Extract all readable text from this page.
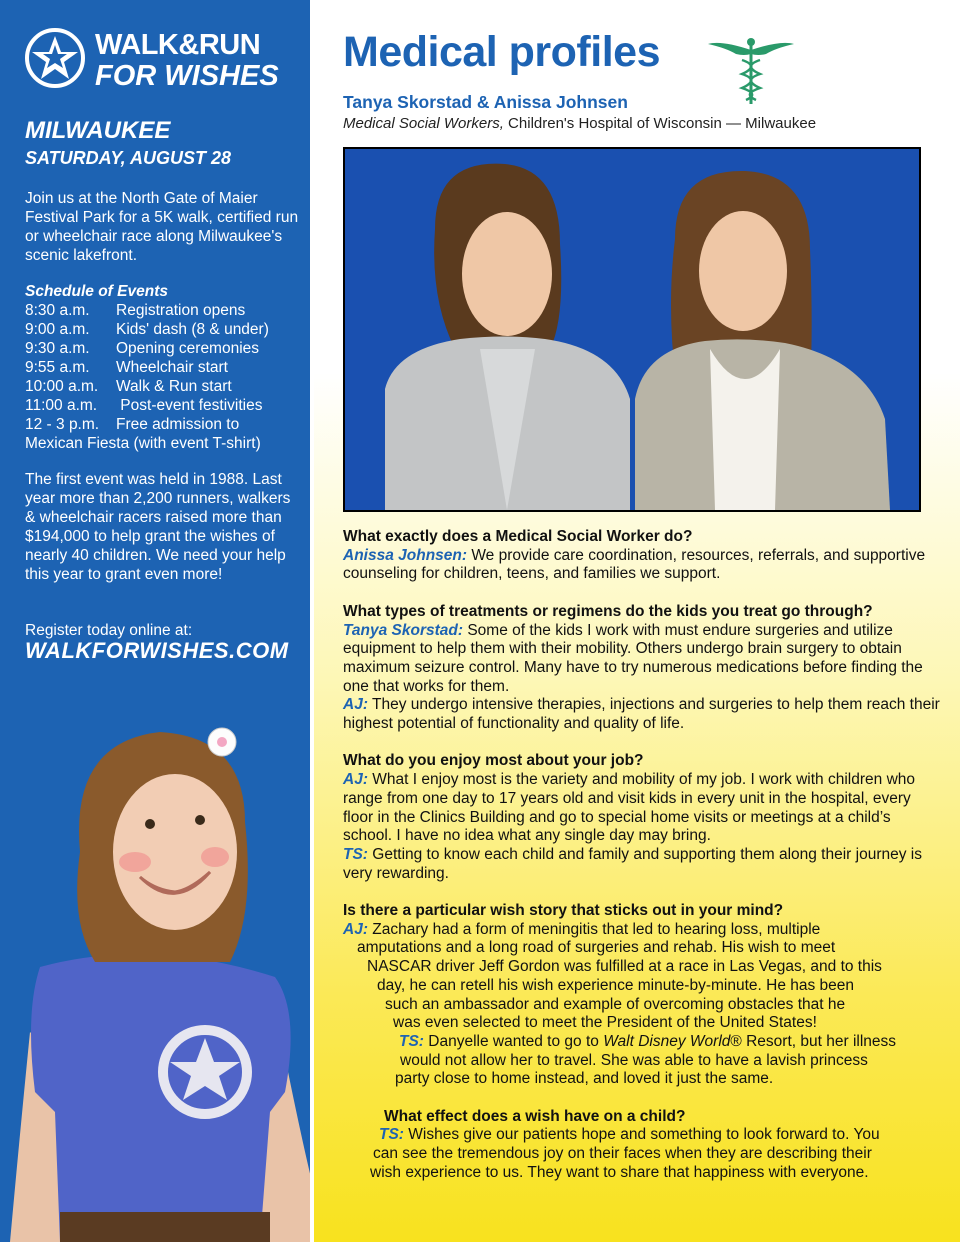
WALK&RUN
FOR WISHES
MILWAUKEE
SATURDAY, AUGUST 28
Join us at the North Gate of Maier Festival Park for a 5K walk, certified run or wheelchair race along Milwaukee's scenic lakefront.
Schedule of Events
8:30 a.m.	Registration opens
9:00 a.m.	Kids' dash (8 & under)
9:30 a.m.	Opening ceremonies
9:55 a.m.	Wheelchair start
10:00 a.m.	Walk & Run start
11:00 a.m.	Post-event festivities
12 - 3 p.m.	Free admission to
Mexican Fiesta (with event T-shirt)
The first event was held in 1988. Last year more than 2,200 runners, walkers & wheelchair racers raised more than $194,000 to help grant the wishes of nearly 40 children. We need your help this year to grant even more!
Register today online at:
WALKFORWISHES.COM
Medical profiles
Tanya Skorstad & Anissa Johnsen
Medical Social Workers, Children's Hospital of Wisconsin — Milwaukee
What exactly does a Medical Social Worker do?
Anissa Johnsen: We provide care coordination, resources, referrals, and supportive counseling for children, teens, and families we support.
What types of treatments or regimens do the kids you treat go through?
Tanya Skorstad: Some of the kids I work with must endure surgeries and utilize equipment to help them with their mobility. Others undergo brain surgery to obtain maximum seizure control. Many have to try numerous medications before finding the one that works for them.
AJ: They undergo intensive therapies, injections and surgeries to help them reach their highest potential of functionality and quality of life.
What do you enjoy most about your job?
AJ: What I enjoy most is the variety and mobility of my job. I work with children who range from one day to 17 years old and visit kids in every unit in the hospital, every floor in the Clinics Building and go to special home visits or meetings at a child’s school. I have no idea what any single day may bring.
TS: Getting to know each child and family and supporting them along their journey is very rewarding.
Is there a particular wish story that sticks out in your mind?
AJ: Zachary had a form of meningitis that led to hearing loss, multiple
amputations and a long road of surgeries and rehab. His wish to meet
NASCAR driver Jeff Gordon was fulfilled at a race in Las Vegas, and to this
day, he can retell his wish experience minute-by-minute. He has been
such an ambassador and example of overcoming obstacles that he
was even selected to meet the President of the United States!
TS: Danyelle wanted to go to Walt Disney World® Resort, but her illness
would not allow her to travel. She was able to have a lavish princess
party close to home instead, and loved it just the same.
What effect does a wish have on a child?
TS: Wishes give our patients hope and something to look forward to. You
can see the tremendous joy on their faces when they are describing their
wish experience to us. They want to share that happiness with everyone.
